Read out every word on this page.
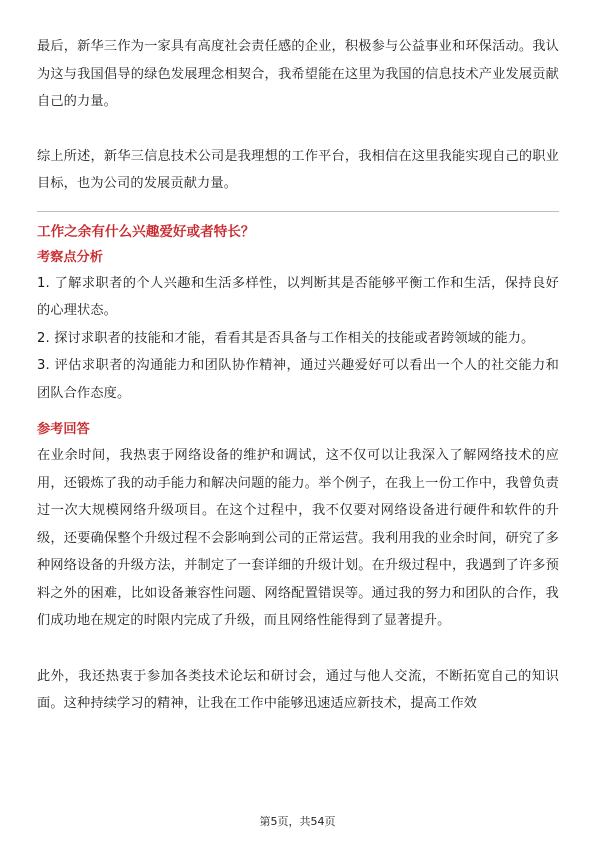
最后，新华三作为一家具有高度社会责任感的企业，积极参与公益事业和环保活动。我认为这与我国倡导的绿色发展理念相契合，我希望能在这里为我国的信息技术产业发展贡献自己的力量。

综上所述，新华三信息技术公司是我理想的工作平台，我相信在这里我能实现自己的职业目标，也为公司的发展贡献力量。

工作之余有什么兴趣爱好或者特长？
考察点分析

1. 了解求职者的个人兴趣和生活多样性，以判断其是否能够平衡工作和生活，保持良好的心理状态。

2. 探讨求职者的技能和才能，看看其是否具备与工作相关的技能或者跨领域的能力。

3. 评估求职者的沟通能力和团队协作精神，通过兴趣爱好可以看出一个人的社交能力和团队合作态度。

参考回答

在业余时间，我热衷于网络设备的维护和调试，这不仅可以让我深入了解网络技术的应用，还锻炼了我的动手能力和解决问题的能力。举个例子，在我上一份工作中，我曾负责过一次大规模网络升级项目。在这个过程中，我不仅要对网络设备进行硬件和软件的升级，还要确保整个升级过程不会影响到公司的正常运营。我利用我的业余时间，研究了多种网络设备的升级方法，并制定了一套详细的升级计划。在升级过程中，我遇到了许多预料之外的困难，比如设备兼容性问题、网络配置错误等。通过我的努力和团队的合作，我们成功地在规定的时限内完成了升级，而且网络性能得到了显著提升。

此外，我还热衷于参加各类技术论坛和研讨会，通过与他人交流，不断拓宽自己的知识面。这种持续学习的精神，让我在工作中能够迅速适应新技术，提高工作效

第5页，共54页
